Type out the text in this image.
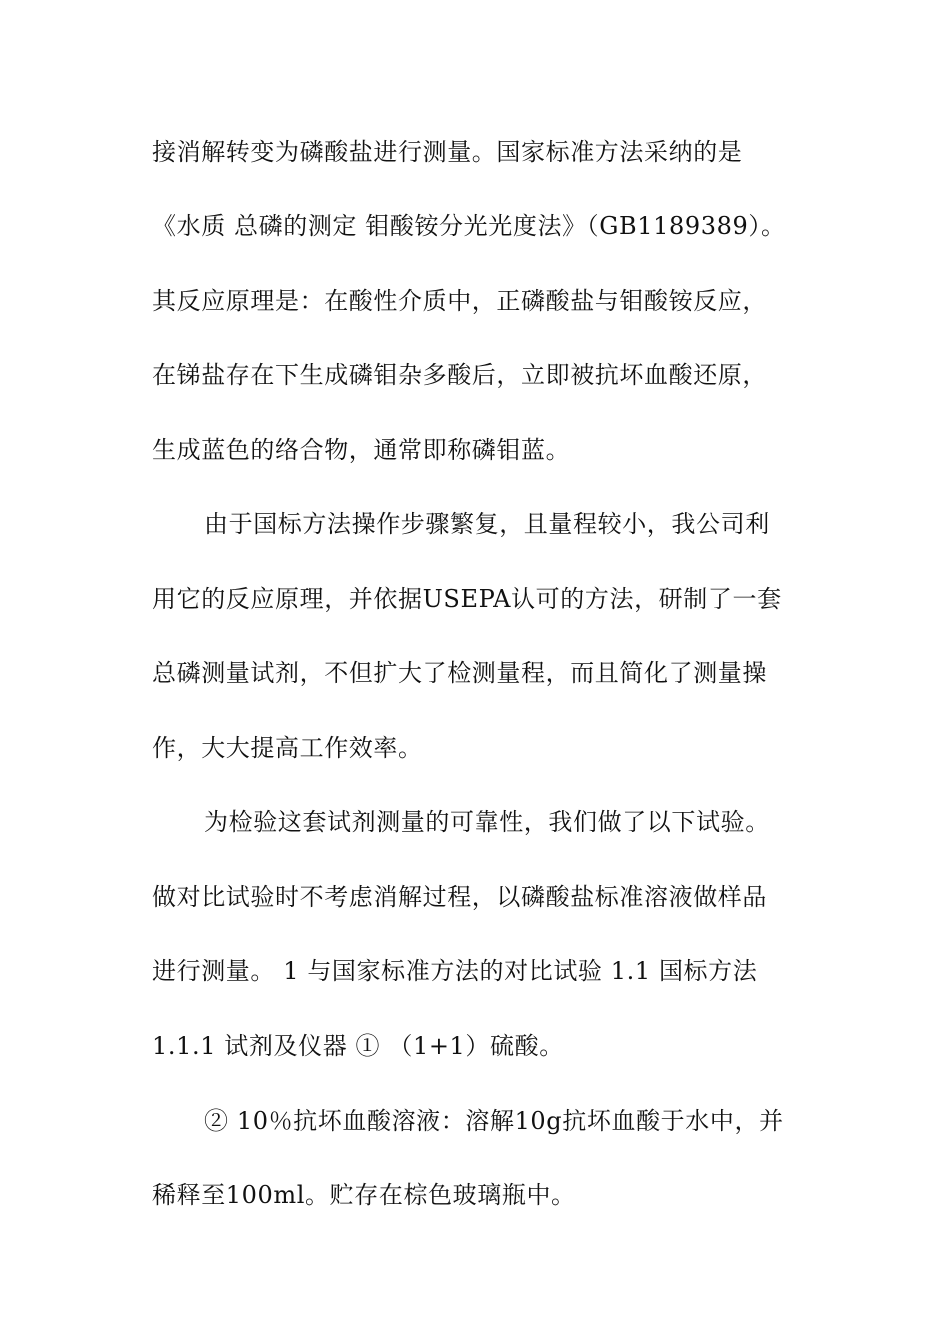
接消解转变为磷酸盐进行测量。国家标准方法采纳的是
《水质 总磷的测定 钼酸铵分光光度法》（GB1189389）。
其反应原理是：在酸性介质中，正磷酸盐与钼酸铵反应，
在锑盐存在下生成磷钼杂多酸后，立即被抗坏血酸还原，
生成蓝色的络合物，通常即称磷钼蓝。
由于国标方法操作步骤繁复，且量程较小，我公司利
用它的反应原理，并依据USEPA认可的方法，研制了一套
总磷测量试剂，不但扩大了检测量程，而且简化了测量操
作，大大提高工作效率。
为检验这套试剂测量的可靠性，我们做了以下试验。
做对比试验时不考虑消解过程，以磷酸盐标准溶液做样品
进行测量。 1 与国家标准方法的对比试验 1.1 国标方法
1.1.1 试剂及仪器 ① （1+1）硫酸。
② 10％抗坏血酸溶液：溶解10g抗坏血酸于水中，并
稀释至100ml。贮存在棕色玻璃瓶中。
